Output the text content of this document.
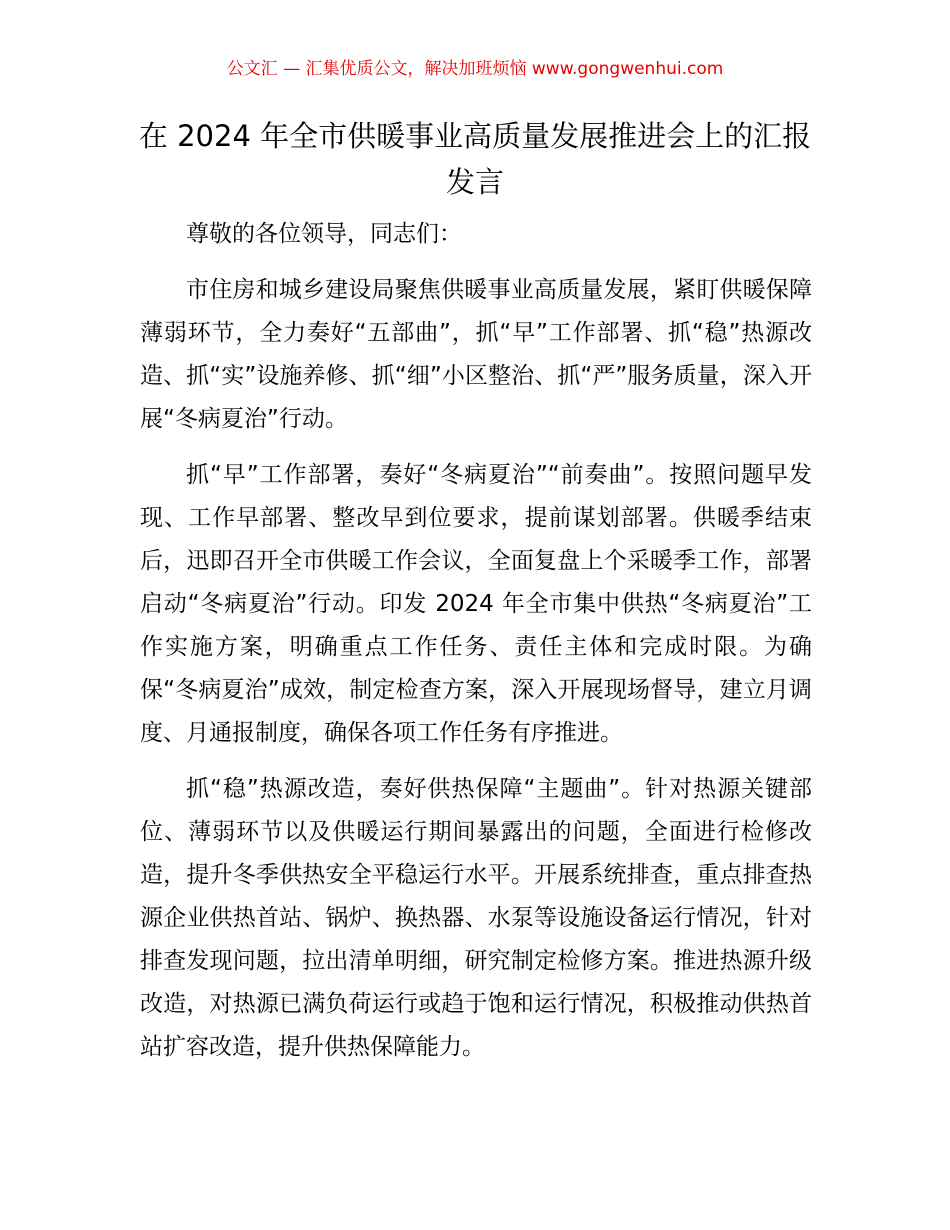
公文汇 — 汇集优质公文，解决加班烦恼 www.gongwenhui.com
在 2024 年全市供暖事业高质量发展推进会上的汇报发言

尊敬的各位领导，同志们：

市住房和城乡建设局聚焦供暖事业高质量发展，紧盯供暖保障薄弱环节，全力奏好“五部曲”，抓“早”工作部署、抓“稳”热源改造、抓“实”设施养修、抓“细”小区整治、抓“严”服务质量，深入开展“冬病夏治”行动。

抓“早”工作部署，奏好“冬病夏治”“前奏曲”。按照问题早发现、工作早部署、整改早到位要求，提前谋划部署。供暖季结束后，迅即召开全市供暖工作会议，全面复盘上个采暖季工作，部署启动“冬病夏治”行动。印发 2024 年全市集中供热“冬病夏治”工作实施方案，明确重点工作任务、责任主体和完成时限。为确保“冬病夏治”成效，制定检查方案，深入开展现场督导，建立月调度、月通报制度，确保各项工作任务有序推进。

抓“稳”热源改造，奏好供热保障“主题曲”。针对热源关键部位、薄弱环节以及供暖运行期间暴露出的问题，全面进行检修改造，提升冬季供热安全平稳运行水平。开展系统排查，重点排查热源企业供热首站、锅炉、换热器、水泵等设施设备运行情况，针对排查发现问题，拉出清单明细，研究制定检修方案。推进热源升级改造，对热源已满负荷运行或趋于饱和运行情况，积极推动供热首站扩容改造，提升供热保障能力。
